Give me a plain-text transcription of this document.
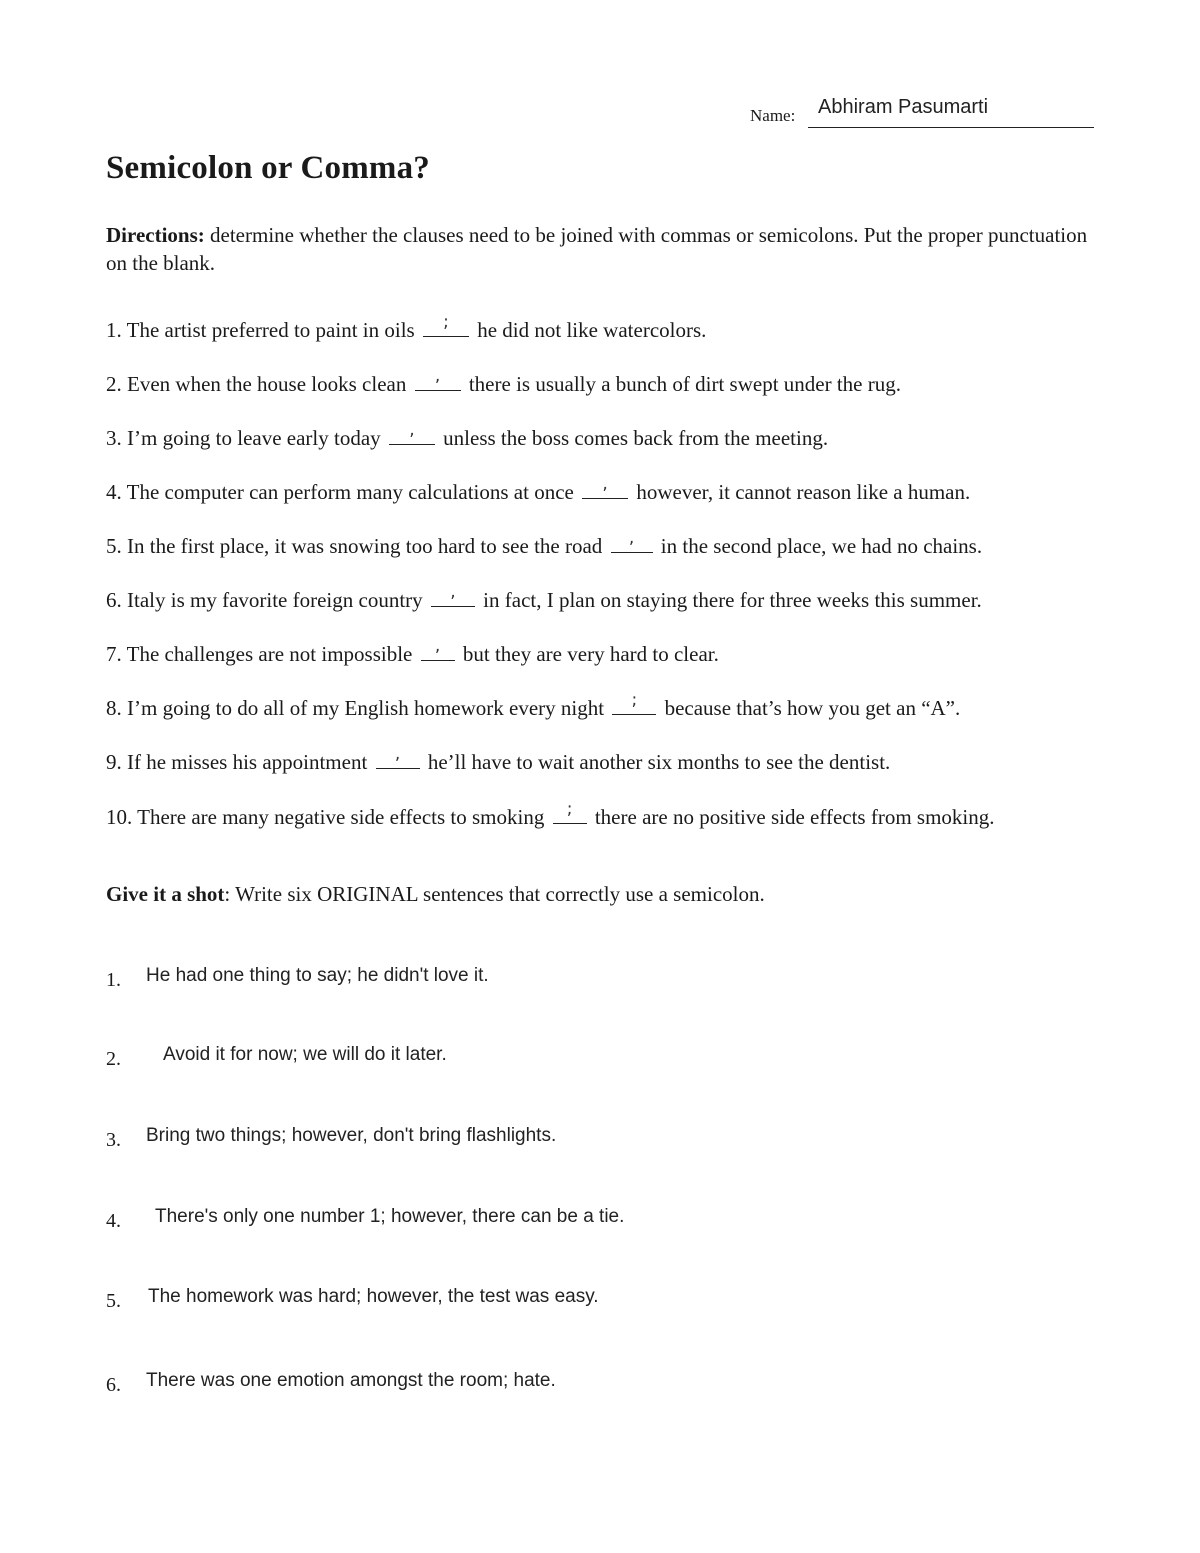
Name: Abhiram Pasumarti
Semicolon or Comma?

Directions: determine whether the clauses need to be joined with commas or semicolons. Put the proper punctuation on the blank.

1. The artist preferred to paint in oils	;	he did not like watercolors.

2. Even when the house looks clean	,	there is usually a bunch of dirt swept under the rug.

3. I’m going to leave early today	,	unless the boss comes back from the meeting.

4. The computer can perform many calculations at once	,	however, it cannot reason like a human.

5. In the first place, it was snowing too hard to see the road	,	in the second place, we had no chains.

6. Italy is my favorite foreign country	,	in fact, I plan on staying there for three weeks this summer.

7. The challenges are not impossible	,	but they are very hard to clear.

8. I’m going to do all of my English homework every night	;	because that’s how you get an “A”.

9. If he misses his appointment	,	he’ll have to wait another six months to see the dentist.

10. There are many negative side effects to smoking	;	there are no positive side effects from smoking.

Give it a shot: Write six ORIGINAL sentences that correctly use a semicolon.

1. He had one thing to say; he didn't love it.
2. Avoid it for now; we will do it later.
3. Bring two things; however, don't bring flashlights.
4. There's only one number 1; however, there can be a tie.
5. The homework was hard; however, the test was easy.
6. There was one emotion amongst the room; hate.
